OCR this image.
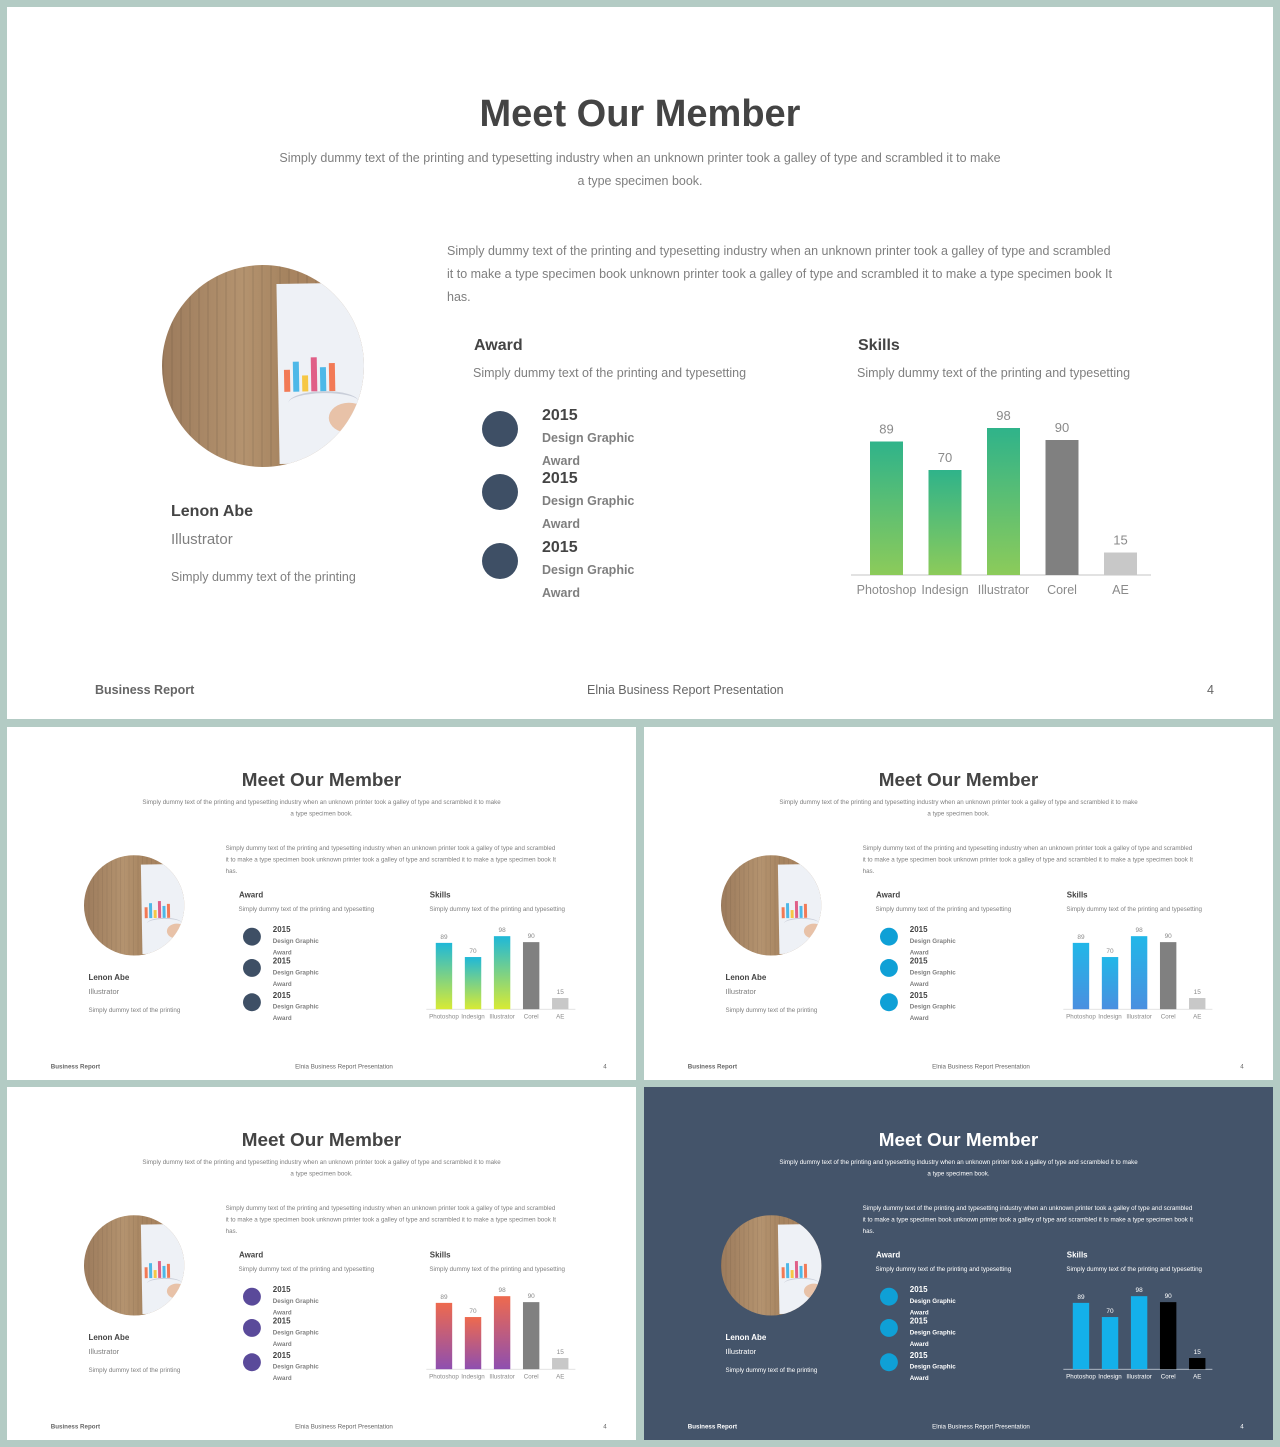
Meet Our Member
Simply dummy text of the printing and typesetting industry when an unknown printer took a galley of type and scrambled it to make a type specimen book.
Simply dummy text of the printing and typesetting industry when an unknown printer took a galley of type and scrambled it to make a type specimen book unknown printer took a galley of type and scrambled it to make a type specimen book It has.
Lenon Abe
Illustrator
Simply dummy text of the printing
Award
Simply dummy text of the printing and typesetting
2015
Design Graphic
Award
2015
Design Graphic
Award
2015
Design Graphic
Award
Skills
Simply dummy text of the printing and typesetting
89
Photoshop
70
Indesign
98
Illustrator
90
Corel
15
AE
Business Report	Elnia Business Report Presentation	4
Meet Our Member
Simply dummy text of the printing and typesetting industry when an unknown printer took a galley of type and scrambled it to make a type specimen book.
Simply dummy text of the printing and typesetting industry when an unknown printer took a galley of type and scrambled it to make a type specimen book unknown printer took a galley of type and scrambled it to make a type specimen book It has.
Lenon Abe
Illustrator
Simply dummy text of the printing
Award
Simply dummy text of the printing and typesetting
2015
Design Graphic
Award
2015
Design Graphic
Award
2015
Design Graphic
Award
Skills
Simply dummy text of the printing and typesetting
89
Photoshop
70
Indesign
98
Illustrator
90
Corel
15
AE
Business Report	Elnia Business Report Presentation	4
Meet Our Member
Simply dummy text of the printing and typesetting industry when an unknown printer took a galley of type and scrambled it to make a type specimen book.
Simply dummy text of the printing and typesetting industry when an unknown printer took a galley of type and scrambled it to make a type specimen book unknown printer took a galley of type and scrambled it to make a type specimen book It has.
Lenon Abe
Illustrator
Simply dummy text of the printing
Award
Simply dummy text of the printing and typesetting
2015
Design Graphic
Award
2015
Design Graphic
Award
2015
Design Graphic
Award
Skills
Simply dummy text of the printing and typesetting
89
Photoshop
70
Indesign
98
Illustrator
90
Corel
15
AE
Business Report	Elnia Business Report Presentation	4
Meet Our Member
Simply dummy text of the printing and typesetting industry when an unknown printer took a galley of type and scrambled it to make a type specimen book.
Simply dummy text of the printing and typesetting industry when an unknown printer took a galley of type and scrambled it to make a type specimen book unknown printer took a galley of type and scrambled it to make a type specimen book It has.
Lenon Abe
Illustrator
Simply dummy text of the printing
Award
Simply dummy text of the printing and typesetting
2015
Design Graphic
Award
2015
Design Graphic
Award
2015
Design Graphic
Award
Skills
Simply dummy text of the printing and typesetting
89
Photoshop
70
Indesign
98
Illustrator
90
Corel
15
AE
Business Report	Elnia Business Report Presentation	4
Meet Our Member
Simply dummy text of the printing and typesetting industry when an unknown printer took a galley of type and scrambled it to make a type specimen book.
Simply dummy text of the printing and typesetting industry when an unknown printer took a galley of type and scrambled it to make a type specimen book unknown printer took a galley of type and scrambled it to make a type specimen book It has.
Lenon Abe
Illustrator
Simply dummy text of the printing
Award
Simply dummy text of the printing and typesetting
2015
Design Graphic
Award
2015
Design Graphic
Award
2015
Design Graphic
Award
Skills
Simply dummy text of the printing and typesetting
89
Photoshop
70
Indesign
98
Illustrator
90
Corel
15
AE
Business Report	Elnia Business Report Presentation	4
